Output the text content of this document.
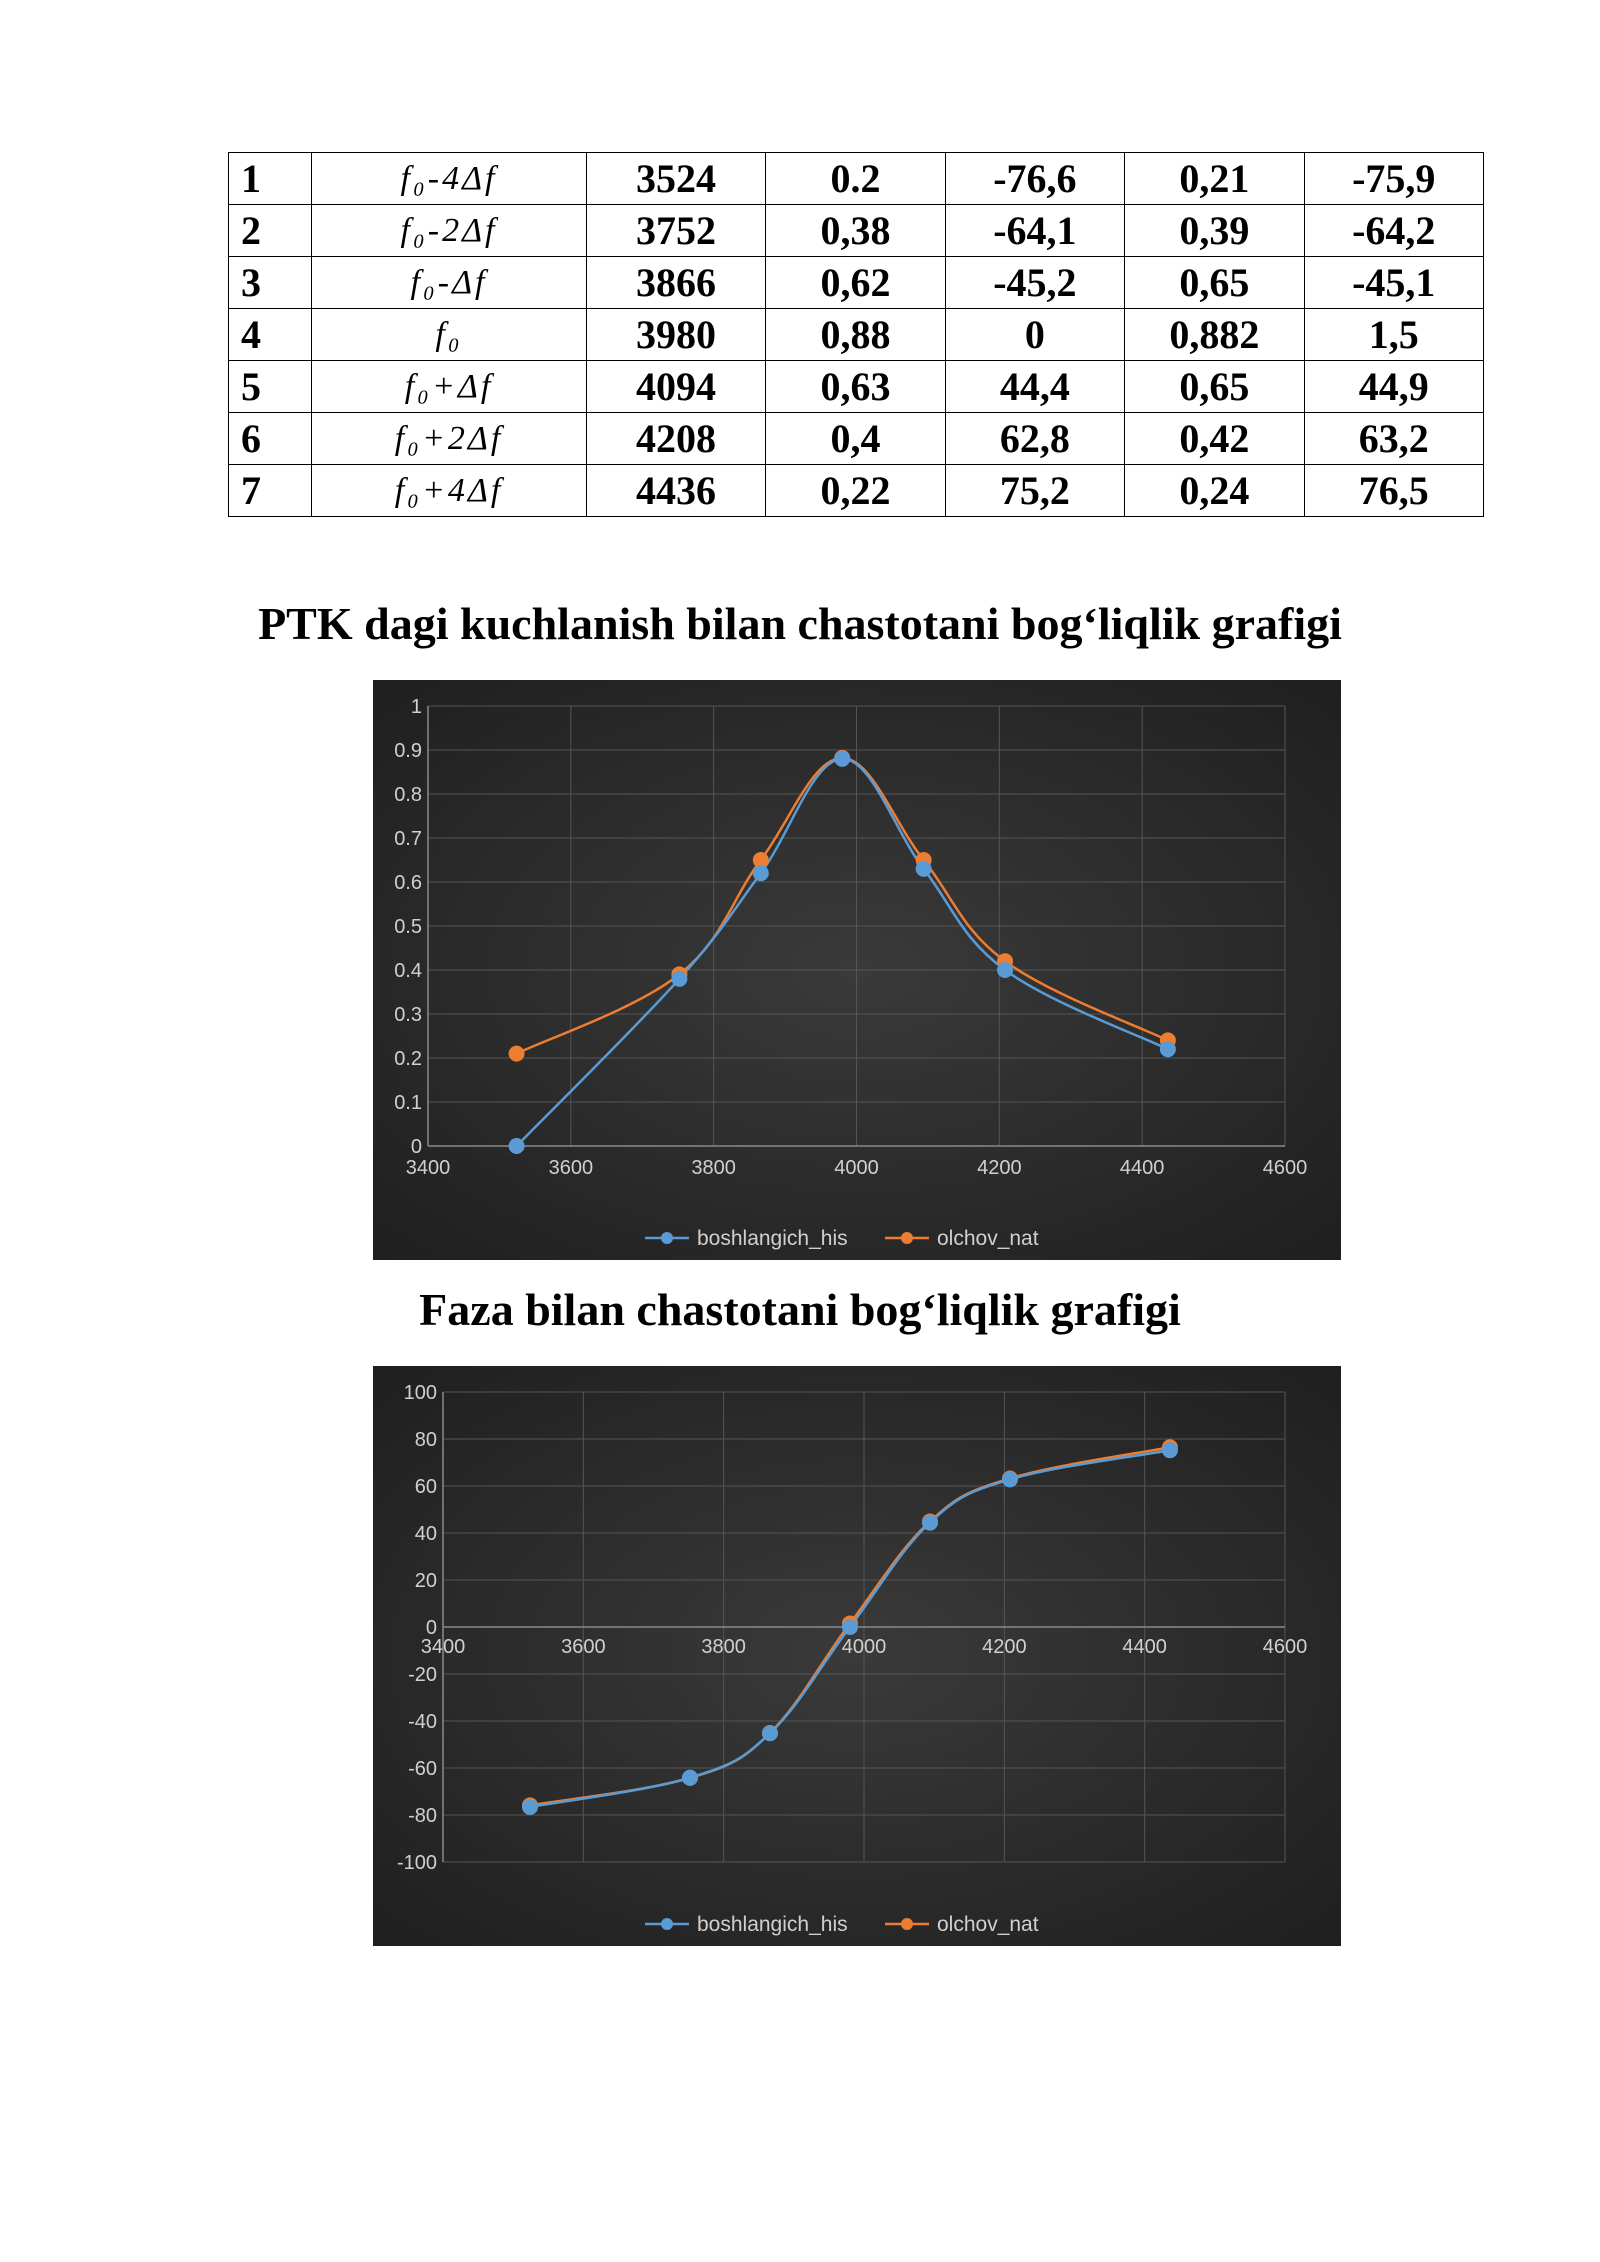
1	f₀-4Δf	3524	0.2	-76,6	0,21	-75,9
2	f₀-2Δf	3752	0,38	-64,1	0,39	-64,2
3	f₀-Δf	3866	0,62	-45,2	0,65	-45,1
4	f₀	3980	0,88	0	0,882	1,5
5	f₀+Δf	4094	0,63	44,4	0,65	44,9
6	f₀+2Δf	4208	0,4	62,8	0,42	63,2
7	f₀+4Δf	4436	0,22	75,2	0,24	76,5
PTK dagi kuchlanish bilan chastotani bog‘liqlik grafigi
0
0.1
0.2
0.3
0.4
0.5
0.6
0.7
0.8
0.9
1
3400	3600	3800	4000	4200	4400	4600
boshlangich_his	olchov_nat
Faza bilan chastotani bog‘liqlik grafigi
-100
-80
-60
-40
-20
0
20
40
60
80
100
3400	3600	3800	4000	4200	4400	4600
boshlangich_his	olchov_nat
